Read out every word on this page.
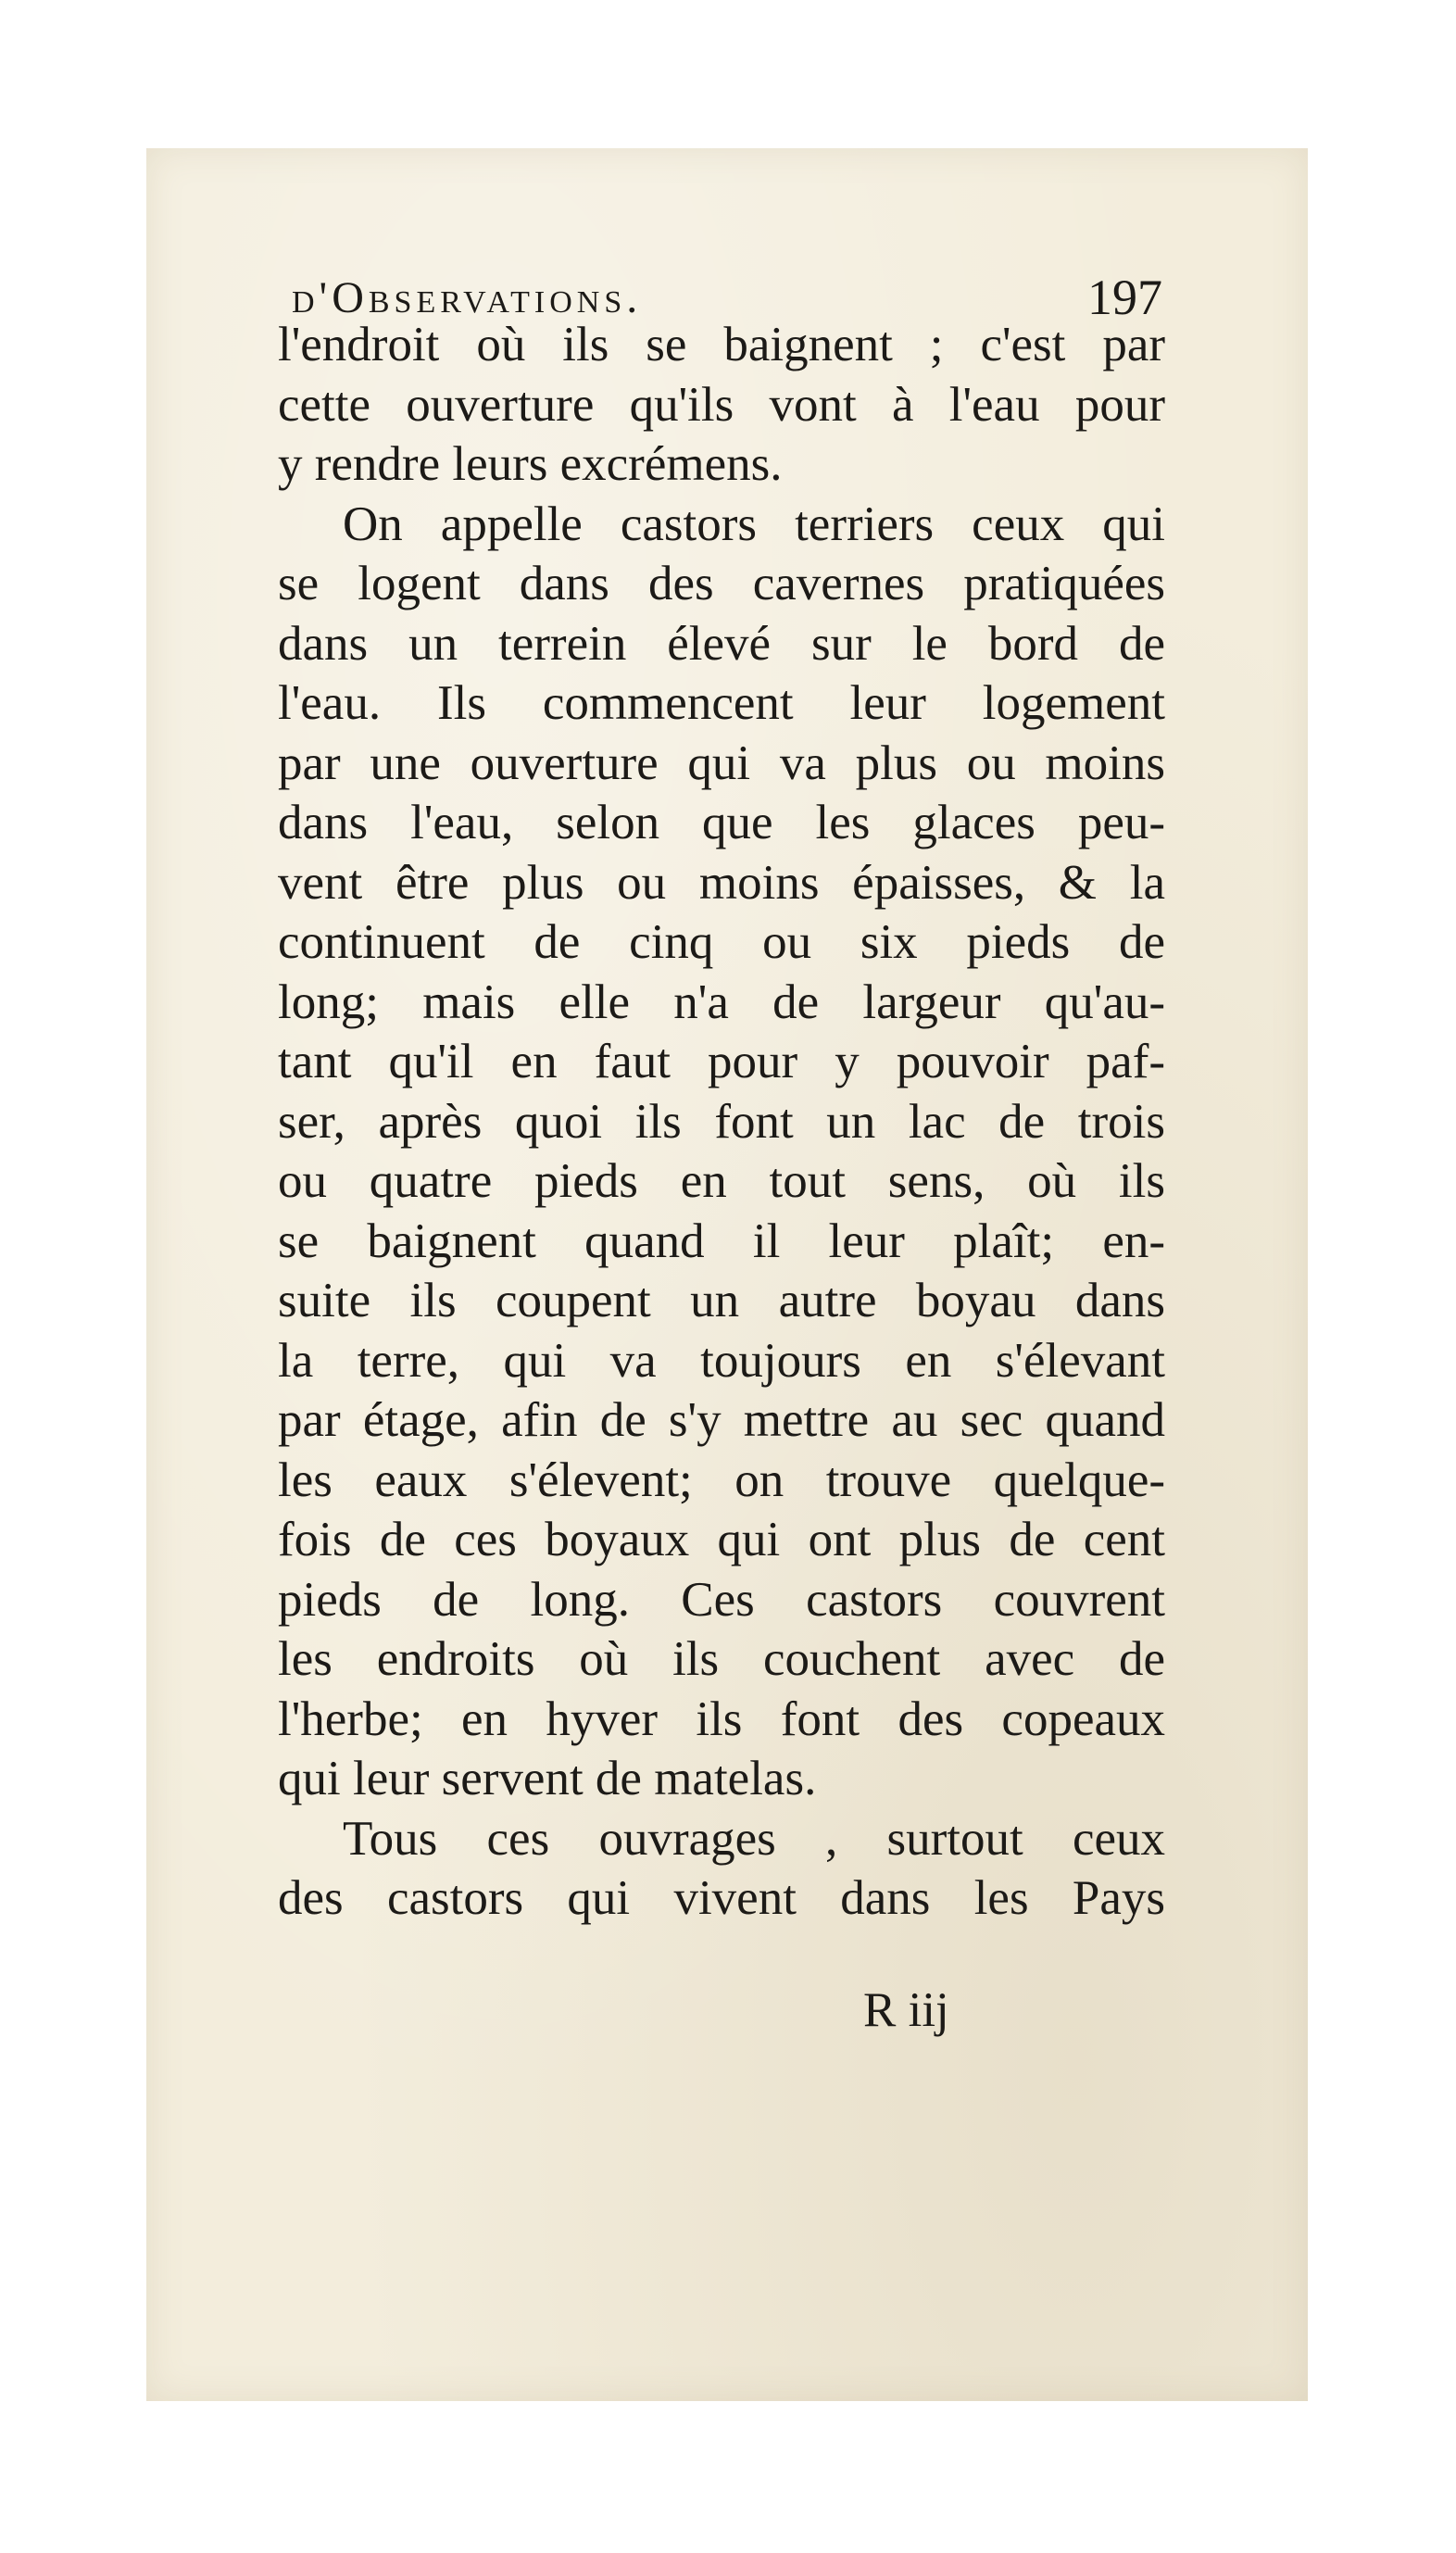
d'Observations.	197
l'endroit où ils se baignent ; c'est par
cette ouverture qu'ils vont à l'eau pour
y rendre leurs excrémens.
On appelle castors terriers ceux qui
se logent dans des cavernes pratiquées
dans un terrein élevé sur le bord de
l'eau. Ils commencent leur logement
par une ouverture qui va plus ou moins
dans l'eau, selon que les glaces peu-
vent être plus ou moins épaisses, & la
continuent de cinq ou six pieds de
long; mais elle n'a de largeur qu'au-
tant qu'il en faut pour y pouvoir paf-
ser, après quoi ils font un lac de trois
ou quatre pieds en tout sens, où ils
se baignent quand il leur plaît; en-
suite ils coupent un autre boyau dans
la terre, qui va toujours en s'élevant
par étage, afin de s'y mettre au sec quand
les eaux s'élevent; on trouve quelque-
fois de ces boyaux qui ont plus de cent
pieds de long. Ces castors couvrent
les endroits où ils couchent avec de
l'herbe; en hyver ils font des copeaux
qui leur servent de matelas.
Tous ces ouvrages , surtout ceux
des castors qui vivent dans les Pays
R iij
